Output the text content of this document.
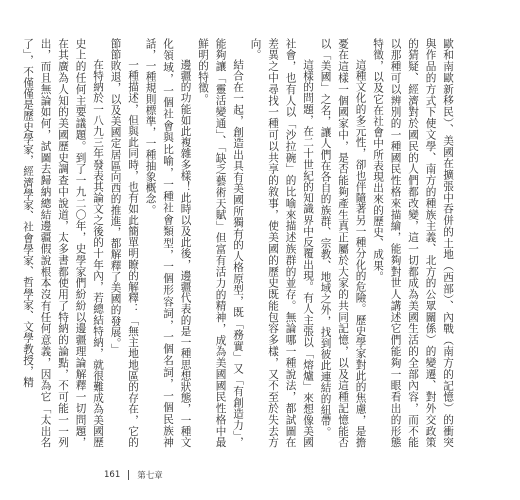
歐和南歐新移民）、美國在擴張中吞併的土地（西部）、內戰（南方的記憶）的衝突與作品的方式下使文學、南方的種族主義、北方的公眾關係）的變遷、對外交政策的猜疑、經濟對於國民的人們都改變，這一切都成為美國生活的全部內容，而不能以那種可以辨別的一種國民性格來描繪，能夠對世人講述它們能夠一眼看出的形態特徵，以及它在社會中所表現出來的歷史、成果。

這種文化的多元性，卻也伴隨著另一種分化的危險。歷史學家對此的焦慮，是擔憂在這樣一個國家中，是否能夠產生真正屬於大家的共同記憶，以及這種記憶能否以「美國」之名，讓人們在各自的族群、宗教、地域之外，找到彼此連結的紐帶。

這樣的問題，在二十世紀的知識界中反覆出現。有人主張以「熔爐」來想像美國社會，也有人以「沙拉碗」的比喻來描述族群的並存。無論哪一種說法，都試圖在差異之中尋找一種可以共享的敘事，使美國的歷史既能包容多樣，又不至於失去方向。

結合在一起，創造出具有美國所獨有的人格原型，既「務實」又「有創造力」，能夠讓「靈活變通」、「缺乏藝術天賦」但富有活力的精神，成為美國國民性格中最鮮明的特徵。

邊疆的功能如此複雜多樣！此時以及此後，邊疆代表的是一種思想狀態，一種文化領域，一個社會與比喻，一種社會類型，一個形容詞，一個名詞，一個民族神話，一種規則標準，一種抽象概念。

一種描述，但與此同時，也有如此簡單明瞭的解釋：「無主地地區的存在，它的節節敗退，以及美國定居區向西的推進，都解釋了美國的發展。」

在特納於一八九三年發表其論文之後的十年內，若總結特納，就很難成為美國歷史上的任何主要議題。到了一九二〇年，史學家們紛紛以邊疆理論解釋一切問題，在其廣為人知的美國歷史調查中說道，太多書都使用了特納的論點，不可能一一列出，而且無論如何，試圖去歸納總結邊疆假說根本沒有任何意義，因為它「太出名了」，不僅僅是歷史學家，經濟學家、社會學家、哲學家、文學教授，精

161 第七章
